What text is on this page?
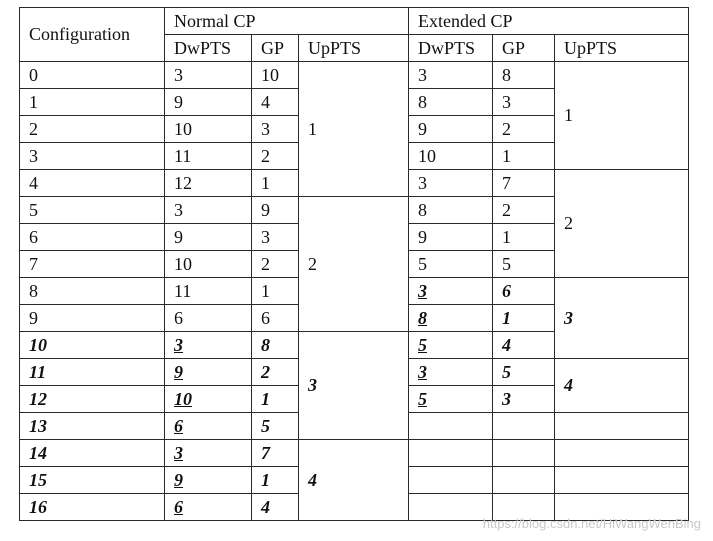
Configuration	Normal CP			Extended CP		
	DwPTS	GP	UpPTS	DwPTS	GP	UpPTS
0	3	10	1	3	8	1
1	9	4		8	3	
2	10	3		9	2	
3	11	2		10	1	
4	12	1		3	7	2
5	3	9	2	8	2	
6	9	3		9	1	
7	10	2		5	5	
8	11	1		3	6	3
9	6	6		8	1	
10	3	8	3	5	4	
11	9	2		3	5	4
12	10	1		5	3	
13	6	5				
14	3	7	4			
15	9	1				
16	6	4				
https://blog.csdn.net/HiWangWenBing
